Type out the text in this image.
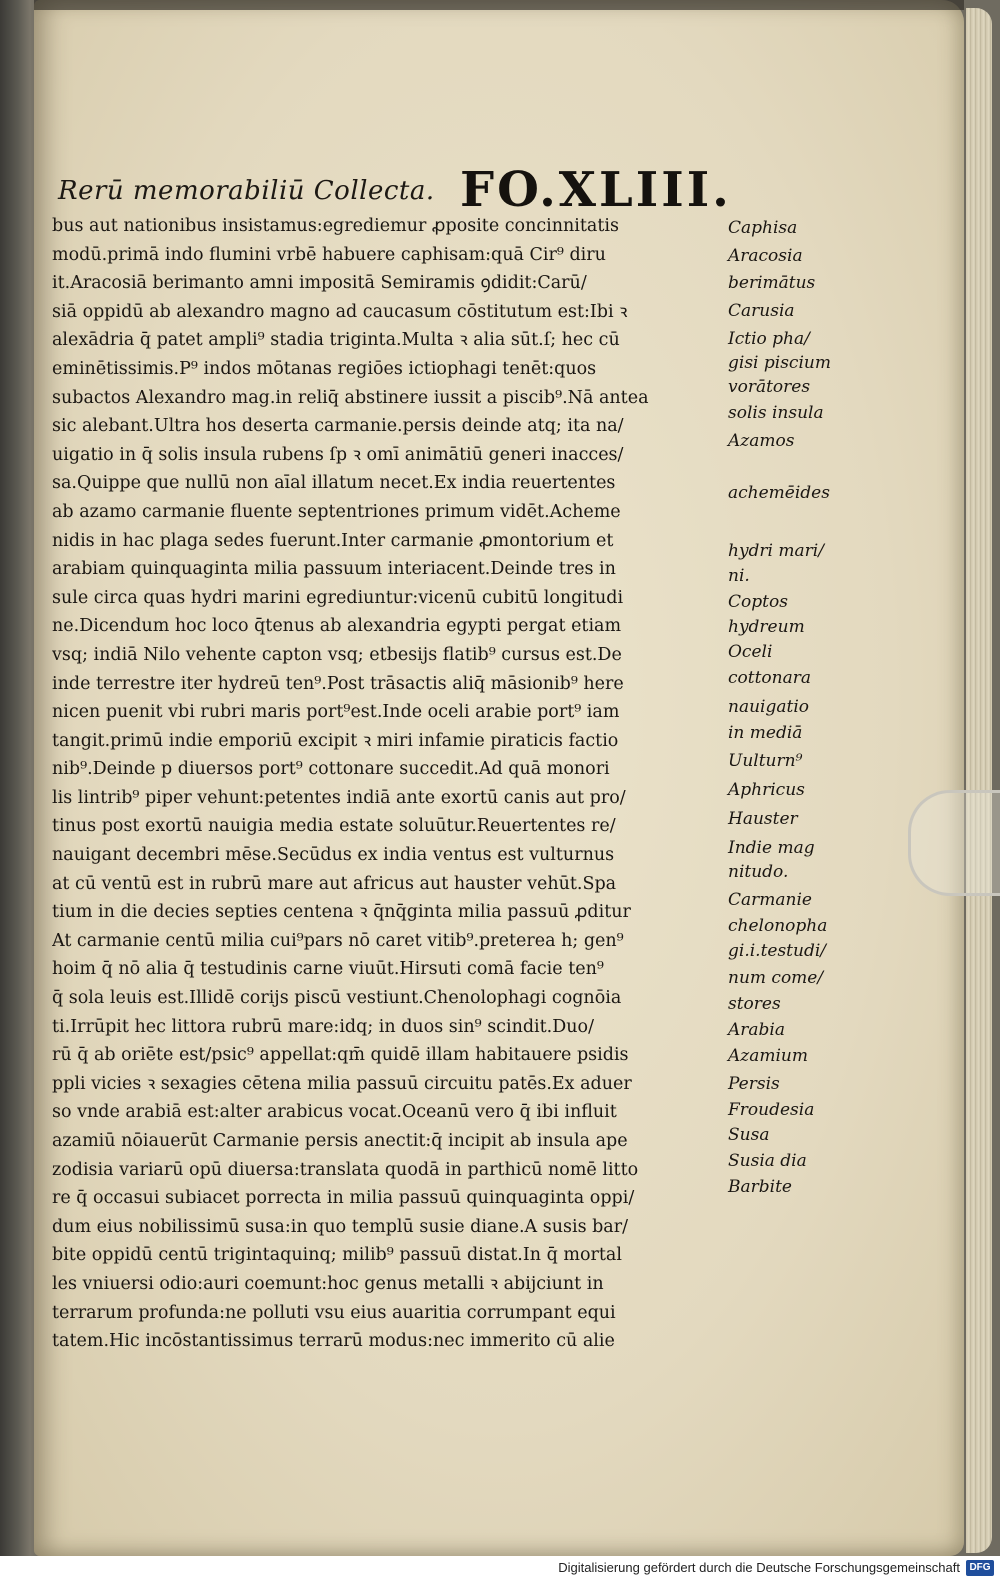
Rerū memorabiliū Collecta. FO.XLIII.
bus aut nationibus insistamus:egrediemur ꝓposite concinnitatis
modū.primā indo flumini vrbē habuere caphisam:quā Cir⁹ diru
it.Aracosiā berimanto amni impositā Semiramis ꝯdidit:Carū/
siā oppidū ab alexandro magno ad caucasum cōstitutum est:Ibi ꝛ
alexādria q̄ patet ampli⁹ stadia triginta.Multa ꝛ alia sūt.ſ; hec cū
eminētissimis.P⁹ indos mōtanas regiōes ictiophagi tenēt:quos
subactos Alexandro mag.in reliq̄ abstinere iussit a piscib⁹.Nā antea
sic alebant.Ultra hos deserta carmanie.persis deinde atq; ita na/
uigatio in q̄ solis insula rubens ſp ꝛ omī animātiū generi inacces/
sa.Quippe que nullū non aīal illatum necet.Ex india reuertentes
ab azamo carmanie fluente septentriones primum vidēt.Acheme
nidis in hac plaga sedes fuerunt.Inter carmanie ꝓmontorium et
arabiam quinquaginta milia passuum interiacent.Deinde tres in
sule circa quas hydri marini egrediuntur:vicenū cubitū longitudi
ne.Dicendum hoc loco q̄tenus ab alexandria egypti pergat etiam
vsq; indiā Nilo vehente capton vsq; etbesijs flatib⁹ cursus est.De
inde terrestre iter hydreū ten⁹.Post trāsactis aliq̄ māsionib⁹ here
nicen puenit vbi rubri maris port⁹est.Inde oceli arabie port⁹ iam
tangit.primū indie emporiū excipit ꝛ miri infamie piraticis factio
nib⁹.Deinde p diuersos port⁹ cottonare succedit.Ad quā monori
lis lintrib⁹ piper vehunt:petentes indiā ante exortū canis aut pro/
tinus post exortū nauigia media estate soluūtur.Reuertentes re/
nauigant decembri mēse.Secūdus ex india ventus est vulturnus
at cū ventū est in rubrū mare aut africus aut hauster vehūt.Spa
tium in die decies septies centena ꝛ q̄nq̄ginta milia passuū ꝓditur
At carmanie centū milia cui⁹pars nō caret vitib⁹.preterea h; gen⁹
hoim q̄ nō alia q̄ testudinis carne viuūt.Hirsuti comā facie ten⁹
q̄ sola leuis est.Illidē corijs piscū vestiunt.Chenolophagi cognōia
ti.Irrūpit hec littora rubrū mare:idq; in duos sin⁹ scindit.Duo/
rū q̄ ab oriēte est/psic⁹ appellat:qm̄ quidē illam habitauere psidis
ppli vicies ꝛ sexagies cētena milia passuū circuitu patēs.Ex aduer
so vnde arabiā est:alter arabicus vocat.Oceanū vero q̄ ibi influit
azamiū nōiauerūt Carmanie persis anectit:q̄ incipit ab insula ape
zodisia variarū opū diuersa:translata quodā in parthicū nomē litto
re q̄ occasui subiacet porrecta in milia passuū quinquaginta oppi/
dum eius nobilissimū susa:in quo templū susie diane.A susis bar/
bite oppidū centū trigintaquinq; milib⁹ passuū distat.In q̄ mortal
les vniuersi odio:auri coemunt:hoc genus metalli ꝛ abijciunt in
terrarum profunda:ne polluti vsu eius auaritia corrumpant equi
tatem.Hic incōstantissimus terrarū modus:nec immerito cū alie
Caphisa
Aracosia
berimātus
Carusia
Ictio pha/
gisi piscium
vorātores
solis insula
Azamos
achemēides
hydri mari/
ni.
Coptos
hydreum
Oceli
cottonara
nauigatio
in mediā
Uulturn⁹
Aphricus
Hauster
Indie mag
nitudo.
Carmanie
chelonopha
gi.i.testudi/
num come/
stores
Arabia
Azamium
Persis
Froudesia
Susa
Susia dia
Barbite
Digitalisierung gefördert durch die Deutsche Forschungsgemeinschaft DFG
